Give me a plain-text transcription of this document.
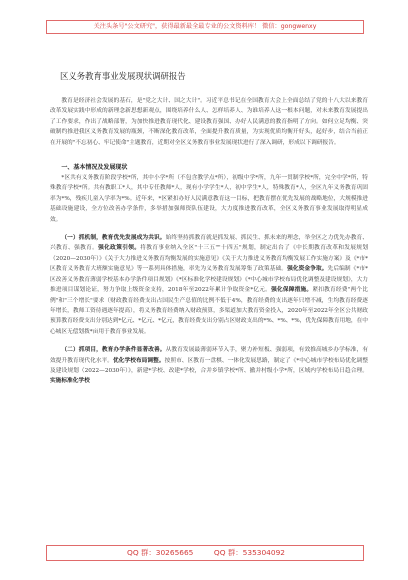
关注头条号"公文研究"，获得最新最全最专业的公文资料库！ 微信：gongwenxy
区义务教育事业发展现状调研报告

教育是经济社会发展的基石，是"党之大计、国之大计"。习近平总书记在全国教育大会上全面总结了党的十八大以来教育改革发展实践中形成的新理念新思想新观点，围绕培养什么人、怎样培养人、为谁培养人这一根本问题，对未来教育发展提出了工作要求，作出了战略部署，为加快推进教育现代化、建设教育强国、办好人民满意的教育指明了方向。如何立足均衡、突破制约推进我区义务教育发展的瓶颈，不断深化教育改革，全面提升教育质量，为实现优质均衡开好头，起好步，结合当前正在开展的"不忘初心、牢记使命"主题教育，近期对全区义务教育事业发展现状进行了深入调研，形成以下调研报告。

一、基本情况及发展现状

*区共有义务教育阶段学校*所，其中小学*所（不包含教学点*所），初级中学*所，九年一贯制学校*所，完全中学*所，特殊教育学校*所。共有教职工*人，其中专任教师*人，现有小学学生*人，初中学生*人，特殊教育*人，全区九年义务教育巩固率为*%，残疾儿童入学率为*%。近年来，*区紧扣办好人民满意教育这一目标，把教育摆在优先发展的战略地位，大规模推进基础设施建设，全方位改善办学条件，多举措加强师资队伍建设，大力度推进教育改革，全区义务教育事业发展取得明显成效。

（一）抓机制，教育优先发展成为共识。始终坚持抓教育就是抓发展、抓民生、抓未来的理念，举全区之力优先办教育、兴教育、强教育。强化政策引领。将教育事业纳入全区"十三五""十四五"规划，制定出台了《中长期教育改革和发展规划（2020—2030年）》《关于大力推进义务教育均衡发展的实施意见》《关于大力推进义务教育均衡发展工作实施方案》及《*市*区教育义务教育大班额实施意见》等一系列具体措施，率先为义务教育发展筹集了政策基础。强化资金争取。先后编制《*市*区改善义务教育薄弱学校基本办学条件项目规划》《*区标准化学校建设规划》《*中心城市学校布局优化调整及建设规划》，大力推进项目谋划论证，努力争取上级资金支持，2018年至2022年累计争取资金*亿元。强化保障措施。紧扣教育经费"两个比例"和"三个增长"要求（财政教育经费支出占国民生产总值的比例不低于4%，教育经费的支出逐年只增不减，生均教育经费逐年增长，教师工资待遇逐年提高），将义务教育经费纳入财政预算，多渠道加大教育资金投入，2020年至2022年全区公共财政预算教育经费支出分别达到*亿元、*亿元、*亿元，教育经费支出分别占区财政支出的*%、*%、*%，优先保障教育用地，在中心城区无偿划拨*亩用于教育事业发展。

（二）抓项目，教育办学条件显著改善。从教育发展最薄弱环节入手，聚力补短板、强弱项，有效推高城乡办学标准，有效提升教育现代化水平。优化学校布局调整。按照市、区教育一盘棋、一体化发展思路，制定了《*中心城市学校布局优化调整及建设规划（2022—2030年）》，新建*学校、改建*学校，合并乡镇学校*所、撤并村级小学*所，区域内学校布局日趋合理。实施标准化学校

QQ 群：30265665	QQ 群：535304092
